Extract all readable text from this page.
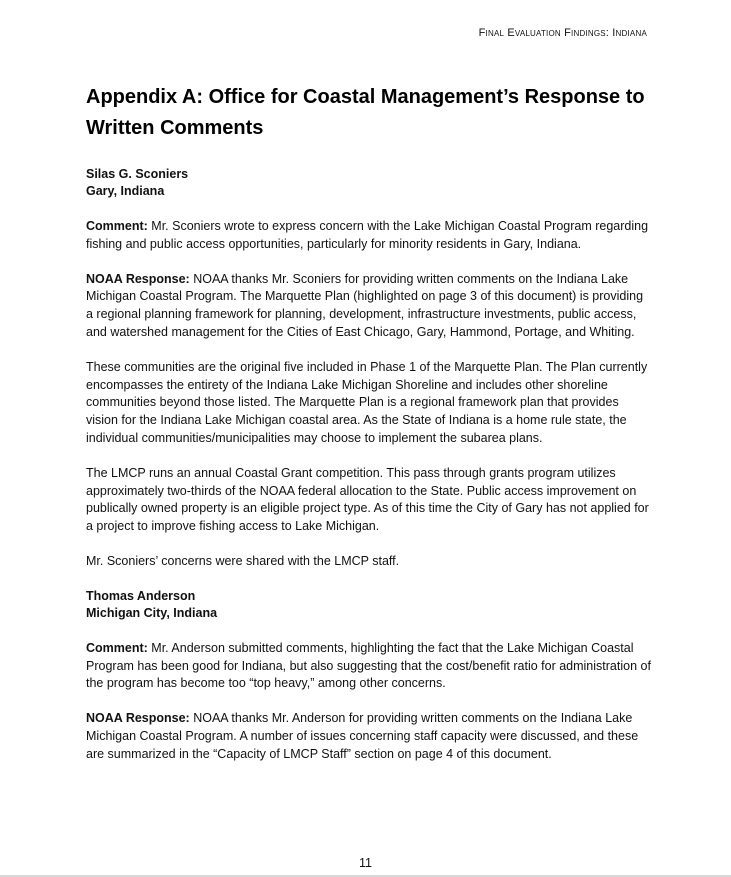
Final Evaluation Findings: Indiana
Appendix A: Office for Coastal Management’s Response to Written Comments
Silas G. Sconiers
Gary, Indiana

Comment: Mr. Sconiers wrote to express concern with the Lake Michigan Coastal Program regarding fishing and public access opportunities, particularly for minority residents in Gary, Indiana.

NOAA Response: NOAA thanks Mr. Sconiers for providing written comments on the Indiana Lake Michigan Coastal Program. The Marquette Plan (highlighted on page 3 of this document) is providing a regional planning framework for planning, development, infrastructure investments, public access, and watershed management for the Cities of East Chicago, Gary, Hammond, Portage, and Whiting.

These communities are the original five included in Phase 1 of the Marquette Plan. The Plan currently encompasses the entirety of the Indiana Lake Michigan Shoreline and includes other shoreline communities beyond those listed. The Marquette Plan is a regional framework plan that provides vision for the Indiana Lake Michigan coastal area. As the State of Indiana is a home rule state, the individual communities/municipalities may choose to implement the subarea plans.

The LMCP runs an annual Coastal Grant competition. This pass through grants program utilizes approximately two-thirds of the NOAA federal allocation to the State. Public access improvement on publically owned property is an eligible project type. As of this time the City of Gary has not applied for a project to improve fishing access to Lake Michigan.

Mr. Sconiers’ concerns were shared with the LMCP staff.

Thomas Anderson
Michigan City, Indiana

Comment: Mr. Anderson submitted comments, highlighting the fact that the Lake Michigan Coastal Program has been good for Indiana, but also suggesting that the cost/benefit ratio for administration of the program has become too “top heavy,” among other concerns.

NOAA Response: NOAA thanks Mr. Anderson for providing written comments on the Indiana Lake Michigan Coastal Program. A number of issues concerning staff capacity were discussed, and these are summarized in the “Capacity of LMCP Staff” section on page 4 of this document.

11
